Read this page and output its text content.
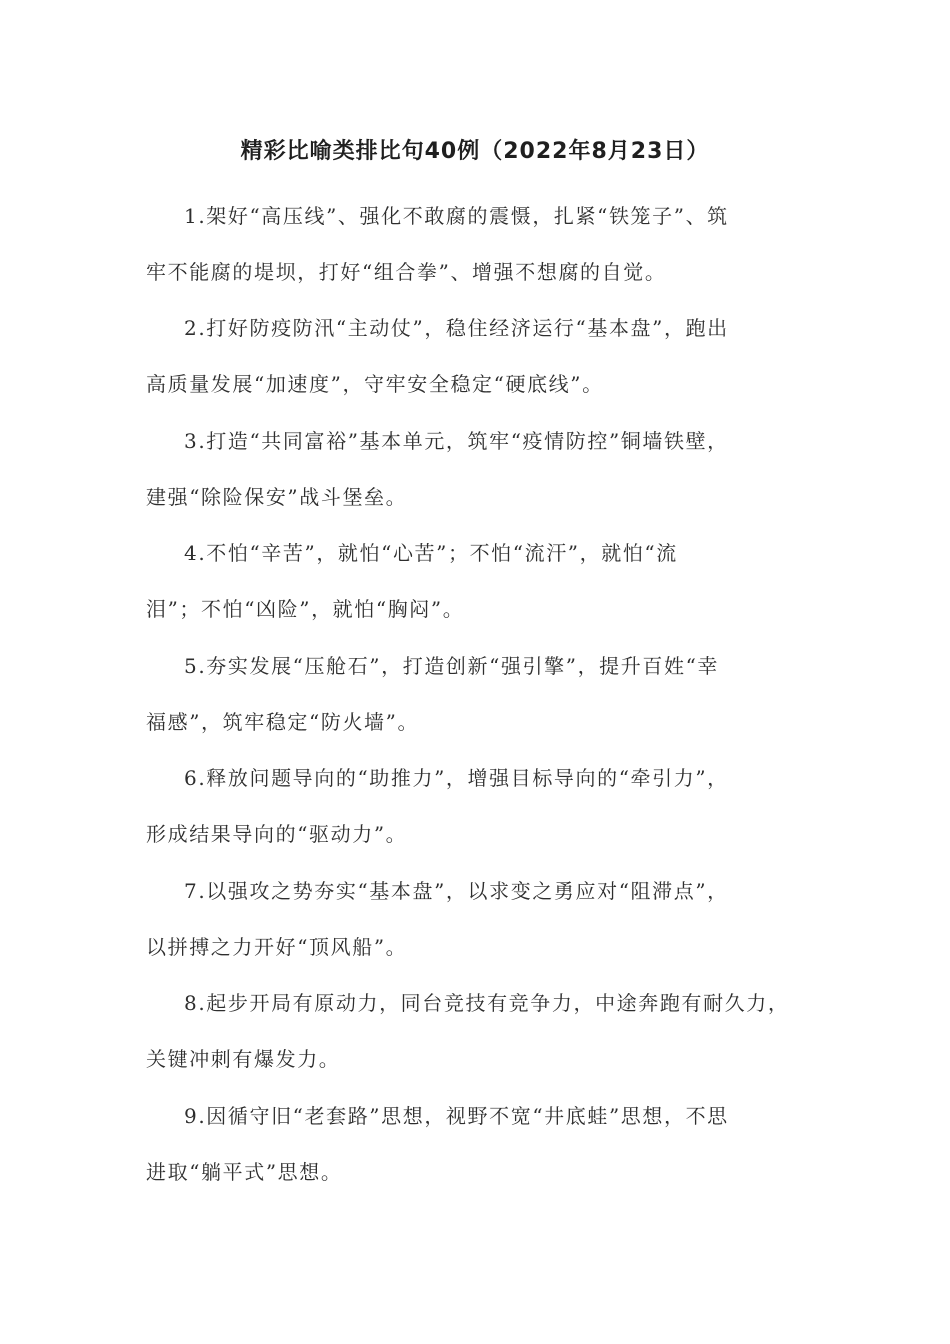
精彩比喻类排比句40例（2022年8月23日）
1.架好“高压线”、强化不敢腐的震慑，扎紧“铁笼子”、筑
牢不能腐的堤坝，打好“组合拳”、增强不想腐的自觉。
2.打好防疫防汛“主动仗”，稳住经济运行“基本盘”，跑出
高质量发展“加速度”，守牢安全稳定“硬底线”。
3.打造“共同富裕”基本单元，筑牢“疫情防控”铜墙铁壁，
建强“除险保安”战斗堡垒。
4.不怕“辛苦”，就怕“心苦”；不怕“流汗”，就怕“流
泪”；不怕“凶险”，就怕“胸闷”。
5.夯实发展“压舱石”，打造创新“强引擎”，提升百姓“幸
福感”，筑牢稳定“防火墙”。
6.释放问题导向的“助推力”，增强目标导向的“牵引力”，
形成结果导向的“驱动力”。
7.以强攻之势夯实“基本盘”，以求变之勇应对“阻滞点”，
以拼搏之力开好“顶风船”。
8.起步开局有原动力，同台竞技有竞争力，中途奔跑有耐久力，
关键冲刺有爆发力。
9.因循守旧“老套路”思想，视野不宽“井底蛙”思想，不思
进取“躺平式”思想。
